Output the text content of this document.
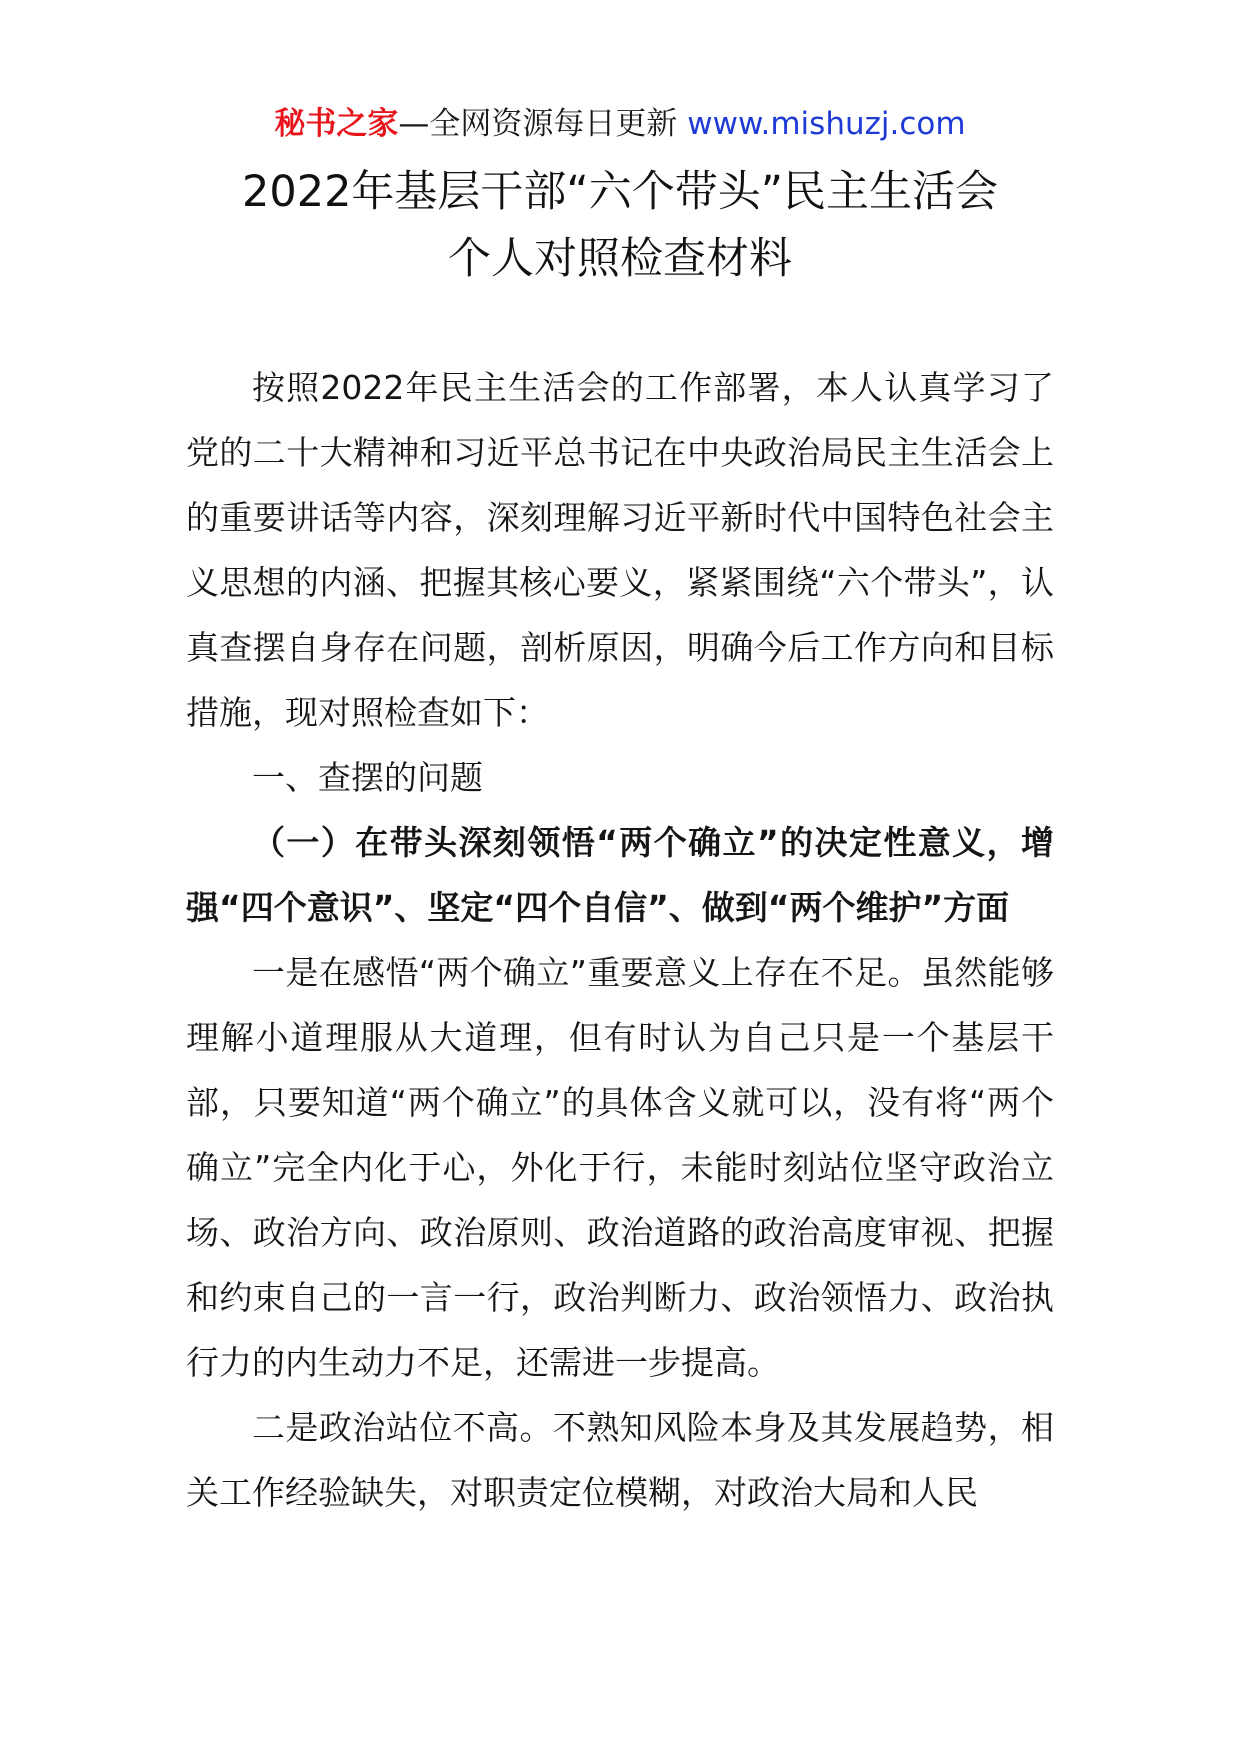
秘书之家—全网资源每日更新 www.mishuzj.com
2022年基层干部“六个带头”民主生活会
个人对照检查材料

按照2022年民主生活会的工作部署，本人认真学习了党的二十大精神和习近平总书记在中央政治局民主生活会上的重要讲话等内容，深刻理解习近平新时代中国特色社会主义思想的内涵、把握其核心要义，紧紧围绕“六个带头”，认真查摆自身存在问题，剖析原因，明确今后工作方向和目标措施，现对照检查如下：

一、查摆的问题

（一）在带头深刻领悟“两个确立”的决定性意义，增强“四个意识”、坚定“四个自信”、做到“两个维护”方面

一是在感悟“两个确立”重要意义上存在不足。虽然能够理解小道理服从大道理，但有时认为自己只是一个基层干部，只要知道“两个确立”的具体含义就可以，没有将“两个确立”完全内化于心，外化于行，未能时刻站位坚守政治立场、政治方向、政治原则、政治道路的政治高度审视、把握和约束自己的一言一行，政治判断力、政治领悟力、政治执行力的内生动力不足，还需进一步提高。

二是政治站位不高。不熟知风险本身及其发展趋势，相关工作经验缺失，对职责定位模糊，对政治大局和人民
